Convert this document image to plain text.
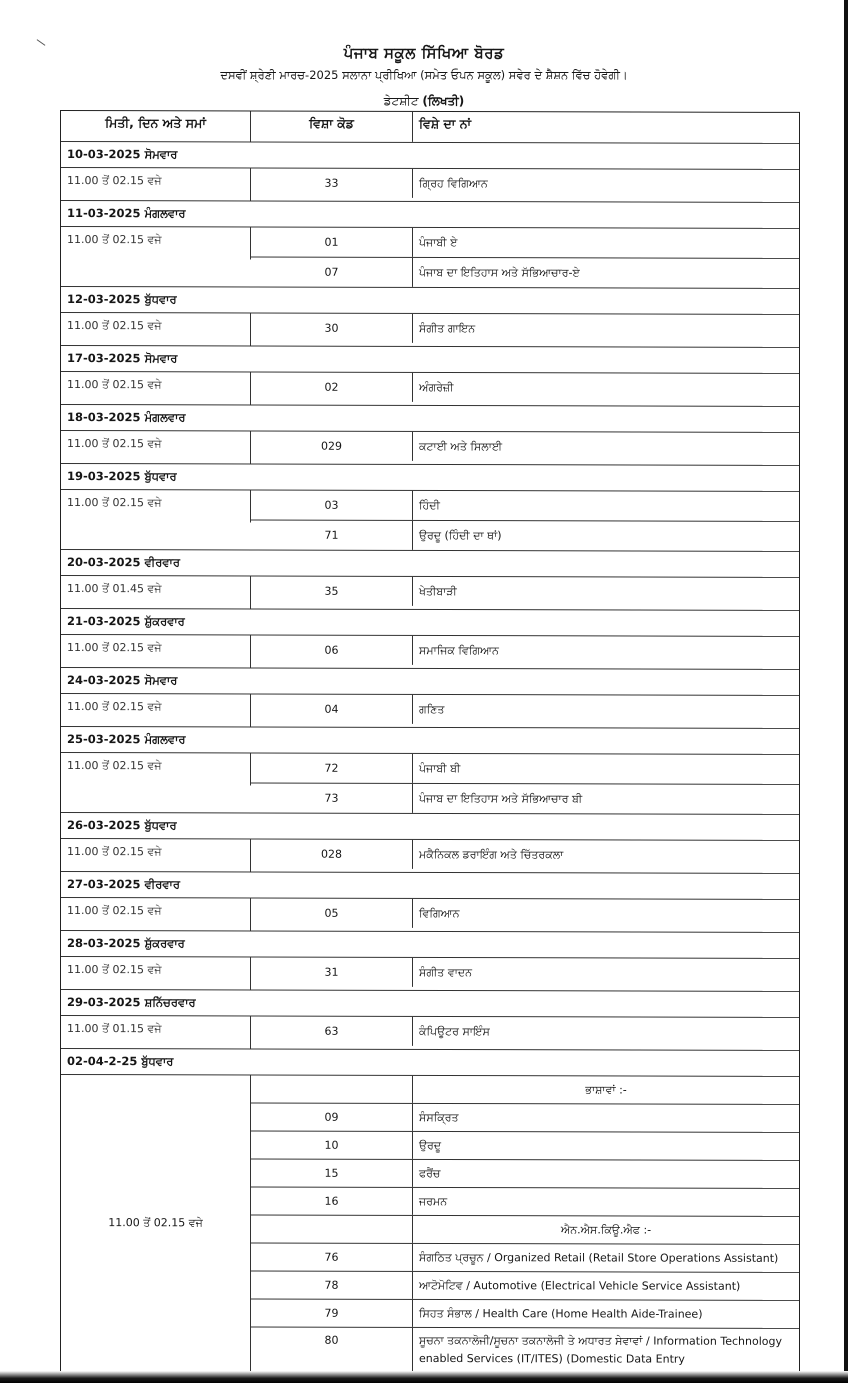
ਪੰਜਾਬ ਸਕੂਲ ਸਿੱਖਿਆ ਬੋਰਡ
ਦਸਵੀਂ ਸ਼੍ਰੇਣੀ ਮਾਰਚ-2025 ਸਲਾਨਾ ਪ੍ਰੀਖਿਆ (ਸਮੇਤ ਓਪਨ ਸਕੂਲ) ਸਵੇਰ ਦੇ ਸ਼ੈਸ਼ਨ ਵਿੱਚ ਹੋਵੇਗੀ।
ਡੇਟਸ਼ੀਟ (ਲਿਖਤੀ)
ਮਿਤੀ, ਦਿਨ ਅਤੇ ਸਮਾਂ	ਵਿਸ਼ਾ ਕੋਡ	ਵਿਸ਼ੇ ਦਾ ਨਾਂ
10-03-2025 ਸੋਮਵਾਰ
11.00 ਤੋਂ 02.15 ਵਜੇ	33	ਗ੍ਰਿਹ ਵਿਗਿਆਨ
11-03-2025 ਮੰਗਲਵਾਰ
11.00 ਤੋਂ 02.15 ਵਜੇ	01	ਪੰਜਾਬੀ ਏ
07	ਪੰਜਾਬ ਦਾ ਇਤਿਹਾਸ ਅਤੇ ਸੱਭਿਆਚਾਰ-ਏ
12-03-2025 ਬੁੱਧਵਾਰ
11.00 ਤੋਂ 02.15 ਵਜੇ	30	ਸੰਗੀਤ ਗਾਇਨ
17-03-2025 ਸੋਮਵਾਰ
11.00 ਤੋਂ 02.15 ਵਜੇ	02	ਅੰਗਰੇਜ਼ੀ
18-03-2025 ਮੰਗਲਵਾਰ
11.00 ਤੋਂ 02.15 ਵਜੇ	029	ਕਟਾਈ ਅਤੇ ਸਿਲਾਈ
19-03-2025 ਬੁੱਧਵਾਰ
11.00 ਤੋਂ 02.15 ਵਜੇ	03	ਹਿੰਦੀ
71	ਉਰਦੂ (ਹਿੰਦੀ ਦਾ ਥਾਂ)
20-03-2025 ਵੀਰਵਾਰ
11.00 ਤੋਂ 01.45 ਵਜੇ	35	ਖੇਤੀਬਾੜੀ
21-03-2025 ਸ਼ੁੱਕਰਵਾਰ
11.00 ਤੋਂ 02.15 ਵਜੇ	06	ਸਮਾਜਿਕ ਵਿਗਿਆਨ
24-03-2025 ਸੋਮਵਾਰ
11.00 ਤੋਂ 02.15 ਵਜੇ	04	ਗਣਿਤ
25-03-2025 ਮੰਗਲਵਾਰ
11.00 ਤੋਂ 02.15 ਵਜੇ	72	ਪੰਜਾਬੀ ਬੀ
73	ਪੰਜਾਬ ਦਾ ਇਤਿਹਾਸ ਅਤੇ ਸੱਭਿਆਚਾਰ ਬੀ
26-03-2025 ਬੁੱਧਵਾਰ
11.00 ਤੋਂ 02.15 ਵਜੇ	028	ਮਕੈਨਿਕਲ ਡਰਾਇੰਗ ਅਤੇ ਚਿੱਤਰਕਲਾ
27-03-2025 ਵੀਰਵਾਰ
11.00 ਤੋਂ 02.15 ਵਜੇ	05	ਵਿਗਿਆਨ
28-03-2025 ਸ਼ੁੱਕਰਵਾਰ
11.00 ਤੋਂ 02.15 ਵਜੇ	31	ਸੰਗੀਤ ਵਾਦਨ
29-03-2025 ਸ਼ਨਿੱਚਰਵਾਰ
11.00 ਤੋਂ 01.15 ਵਜੇ	63	ਕੰਪਿਊਟਰ ਸਾਇੰਸ
02-04-2-25 ਬੁੱਧਵਾਰ
11.00 ਤੋਂ 02.15 ਵਜੇ
ਭਾਸ਼ਾਵਾਂ :-
09	ਸੰਸਕ੍ਰਿਤ
10	ਉਰਦੂ
15	ਫਰੈਂਚ
16	ਜਰਮਨ
ਐਨ.ਐਸ.ਕਿਊ.ਐਫ :-
76	ਸੰਗਠਿਤ ਪ੍ਰਚੂਨ / Organized Retail (Retail Store Operations Assistant)
78	ਆਟੋਮੋਟਿਵ / Automotive (Electrical Vehicle Service Assistant)
79	ਸਿਹਤ ਸੰਭਾਲ / Health Care (Home Health Aide-Trainee)
80	ਸੂਚਨਾ ਤਕਨਾਲੋਜੀ/ਸੂਚਨਾ ਤਕਨਾਲੋਜੀ ਤੇ ਅਧਾਰਤ ਸੇਵਾਵਾਂ / Information Technology enabled Services (IT/ITES) (Domestic Data Entry
